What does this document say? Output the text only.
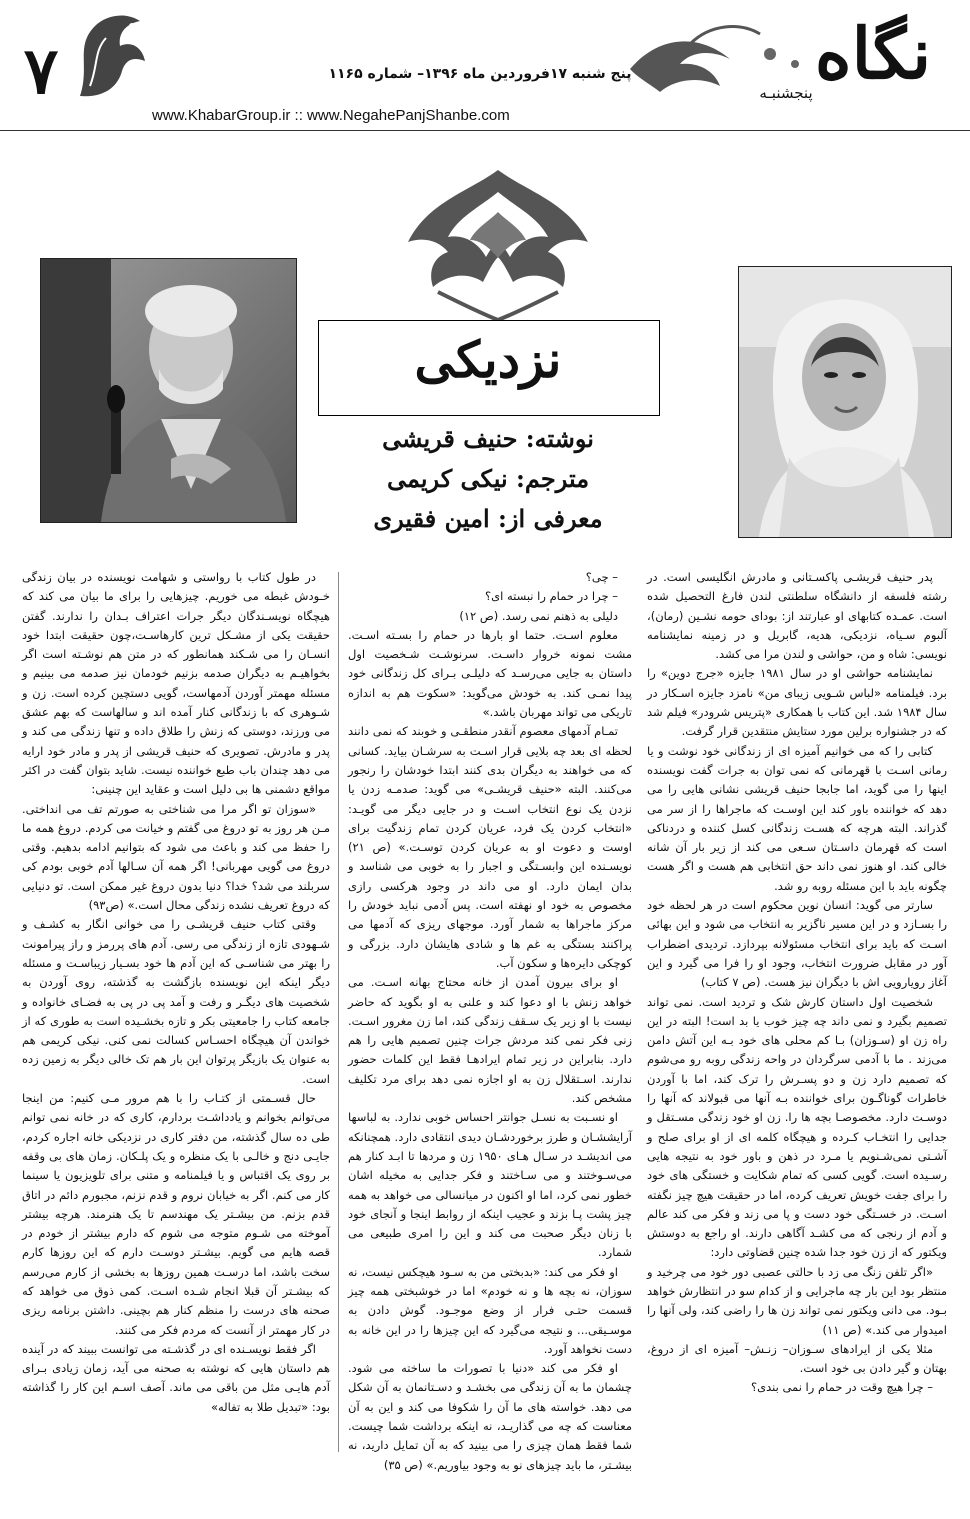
۷	پنج شنبه ۱۷فروردین ماه ۱۳۹۶– شماره ۱۱۶۵
www.KhabarGroup.ir :: www.NegahePanjShanbe.com
نگاه
پنجشنبـه
نزدیکی
نوشته: حنیف قریشی
مترجم: نیکی کریمی
معرفی از: امین فقیری

پدر حنیف قریشـی پاکسـتانی و مادرش انگلیسی است. در رشته فلسفه از دانشگاه سلطنتی لندن فارغ التحصیل شده است. عمـده کتابهای او عبارتند از: بودای حومه نشـین (رمان)، آلبوم سـیاه، نزدیکی، هدیه، گابریل و در زمینه نمایشنامه نویسی: شاه و من، حواشی و لندن مرا می کشد.

نمایشنامه حواشی او در سال ۱۹۸۱ جایزه «جرج دوین» را برد. فیلمنامه «لباس شـویی زیبای من» نامزد جایزه اسـکار در سال ۱۹۸۴ شد. این کتاب با همکاری «پتریس شرودر» فیلم شد که در جشنواره برلین مورد ستایش منتقدین قرار گرفت.

کتابی را که می خوانیم آمیزه ای از زندگانی خود نوشت و یا رمانی اسـت با قهرمانی که نمی توان به جرات گفت نویسنده اینها را می گوید، اما جابجا حنیف قریشی نشانی هایی را می دهد که خواننده باور کند این اوسـت که ماجراها را از سر می گذراند. البته هرچه که هسـت زندگانی کسل کننده و دردناکی است که قهرمان داسـتان سـعی می کند از زیر بار آن شانه خالی کند. او هنوز نمی داند حق انتخابی هم هست و اگر هست چگونه باید با این مسئله روبه رو شد.

سارتر می گوید: انسان نوین محکوم است در هر لحظه خود را بسـازد و در این مسیر ناگزیر به انتخاب می شود و این بهائی اسـت که باید برای انتخاب مسئولانه بپردازد. تردیدی اضطراب آور در مقابل ضرورت انتخاب، وجود او را فرا می گیرد و این آغاز رویارویی اش با دیگران نیز هست. (ص ۷ کتاب)

شخصیت اول داستان کارش شک و تردید است. نمی تواند تصمیم بگیرد و نمی داند چه چیز خوب یا بد است! البته در این راه زن او (سـوزان) بـا کم محلی های خود بـه این آتش دامن می‌زند . ما با آدمی سرگردان در واحه زندگی روبه رو می‌شوم که تصمیم دارد زن و دو پسـرش را ترک کند، اما با آوردن خاطرات گوناگـون برای خواننده بـه آنها می قبولاند که آنها را دوسـت دارد. مخصوصـا بچه ها را. زن او خود زندگی مسـتقل و جدایی را انتخـاب کـرده و هیچگاه کلمه ای از او برای صلح و آشـتی نمی‌شـنویم یا مـرد در ذهن و باور خود به نتیجه هایی رسـیده است. گویی کسی که تمام شکایت و خستگی های خود را برای جفت خویش تعریف کرده، اما در حقیقت هیچ چیز نگفته اسـت. در خسـتگی خود دست و پا می زند و فکر می کند عالم و آدم از رنجی که می کشـد آگاهی دارند. او راجع به دوستش ویکتور که از زن خود جدا شده چنین قضاوتی دارد:

«اگر تلفن زنگ می زد با حالتی عصبی دور خود می چرخید و منتظر بود این بار چه ماجرایی و از کدام سو در انتظارش خواهد بـود. می دانی ویکتور نمی تواند زن ها را راضی کند، ولی آنها را امیدوار می کند.» (ص ۱۱)

مثلا یکی از ایرادهای سـوزان– زنـش– آمیزه ای از دروغ، بهتان و گیر دادن بی خود است.

– چرا هیچ وقت در حمام را نمی بندی؟

– چی؟

– چرا در حمام را نبسته ای؟

دلیلی به ذهنم نمی رسد. (ص ۱۲)

معلوم اسـت. حتما او بارها در حمام را بسـته اسـت. مشت نمونه خروار داسـت. سرنوشـت شـخصیت اول داستان به جایی می‌رسـد که دلیلـی بـرای کل زندگانی خود پیدا نمـی کند. به خودش می‌گوید: «سکوت هم به اندازه تاریکی می تواند مهربان باشد.»

تمـام آدمهای معصوم آنقدر منطقـی و خوبند که نمی دانند لحظه ای بعد چه بلایی قرار اسـت به سرشـان بیاید. کسانی که می خواهند به دیگران بدی کنند ابتدا خودشان را رنجور می‌کنند. البته «حنیف قریشـی» می گوید: صدمـه زدن یا نزدن یک نوع انتخاب اسـت و در جایی دیگر می گویـد: «انتخاب کردن یک فرد، عریان کردن تمام زندگیت برای اوست و دعوت او به عریان کردن توسـت.» (ص ۲۱) نویسـنده این وابسـتگی و اجبار را به خوبی می شناسد و بدان ایمان دارد. او می داند در وجود هرکسی رازی مخصوص به خود او نهفته است. پس آدمی نباید خودش را مرکز ماجراها به شمار آورد. موجهای ریزی که آدمها می پراکنند بستگی به غم ها و شادی هایشان دارد. بزرگی و کوچکی دایره‌ها و سکون آب.

او برای بیرون آمدن از خانه محتاج بهانه اسـت. می خواهد زنش با او دعوا کند و علنی به او بگوید که حاضر نیست با او زیر یک سـقف زندگی کند، اما زن مغرور اسـت. زنی فکر نمی کند مردش جرات چنین تصمیم هایی را هم دارد. بنابراین در زیر تمام ایرادهـا فقط این کلمات حضور ندارند. اسـتقلال زن به او اجازه نمی دهد برای مرد تکلیف مشخص کند.

او نسـبت به نسـل جوانتر احساس خوبی ندارد. به لباسها آرایششـان و طرز برخوردشـان دیدی انتقادی دارد. همچنانکه می اندیشـد در سـال هـای ۱۹۵۰ زن و مردها تا ابـد کنار هم می‌سـوختند و می سـاختند و فکر جدایی به مخیله اشان خطور نمی کرد، اما او اکنون در میانسالی می خواهد به همه چیز پشت پـا بزند و عجیب اینکه از روابط اینجا و آنجای خود با زنان دیگر صحبت می کند و این را امری طبیعی می شمارد.

او فکر می کند: «بدبختی من به سـود هیچکس نیست، نه سوزان، نه بچه ها و نه خودم» اما در خوشبختی همه چیز قسمت حتـی فرار از وضع موجـود. گوش دادن به موسـیقی... و نتیجه می‌گیرد که این چیزها را در این خانه به دست نخواهد آورد.

او فکر می کند «دنیا با تصورات ما ساخته می شود. چشمان ما به آن زندگی می بخشـد و دسـتانمان به آن شکل می دهد. خواسته های ما آن را شکوفا می کند و این به آن معناست که چه می گذاریـد، نه اینکه برداشت شما چیست. شما فقط همان چیزی را می بینید که به آن تمایل دارید، نه بیشـتر، ما باید چیزهای نو به وجود بیاوریم.» (ص ۳۵)

در طول کتاب با رواستی و شهامت نویسنده در بیان زندگی خـودش غبطه می خوریم. چیزهایی را برای ما بیان می کند که هیچگاه نویسـندگان دیگر جرات اعتراف بـدان را ندارند. گفتن حقیقت یکی از مشـکل ترین کارهاسـت،چون حقیقت ابتدا خود انسـان را می شـکند همانطور که در متن هم نوشـته است اگر بخواهیـم به دیگران صدمه بزنیم خودمان نیز صدمه می بینیم و مسئله مهمتر آوردن آدمهاست، گویی دستچین کرده است. زن و شـوهری که با زندگانی کنار آمده اند و سالهاست که بهم عشق می ورزند، دوستی که زنش را طلاق داده و تنها زندگی می کند و پدر و مادرش. تصویری که حنیف قریشی از پدر و مادر خود ارایه می دهد چندان باب طبع خواننده نیست. شاید بتوان گفت در اکثر مواقع دشمنی ها بی دلیل است و عقاید این چنینی:

«سوزان تو اگر مرا می شناختی به صورتم تف می انداختی. مـن هر روز به تو دروغ می گفتم و خیانت می کردم. دروغ همه ما را حفظ می کند و باعث می شود که بتوانیم ادامه بدهیم. وقتی دروغ می گویی مهربانی! اگر همه آن سـالها آدم خوبی بودم کی سربلند می شد؟ خدا؟ دنیا بدون دروغ غیر ممکن است. تو دنیایی که دروغ تعریف نشده زندگی محال است.» (ص۹۳)

وقتی کتاب حنیف قریشـی را می خوانی انگار به کشـف و شـهودی تازه از زندگی می رسی. آدم های پررمز و راز پیرامونت را بهتر می شناسـی که این آدم ها خود بسـیار زیباسـت و مسئله دیگر اینکه این نویسنده بازگشت به گذشته، روی آوردن به شخصیت های دیگـر و رفت و آمد پی در پی به فضـای خانواده و جامعه کتاب را جامعیتی بکر و تازه بخشـیده است به طوری که از خواندن آن هیچگاه احسـاس کسالت نمی کنی. نیکی کریمی هم به عنوان یک بازیگر پرتوان این بار هم تک خالی دیگر به زمین زده است.

حال قسـمتی از کتـاب را با هم مرور مـی کنیم: من اینجا می‌توانم بخوانم و یادداشـت بردارم، کاری که در خانه نمی توانم طی ده سال گذشته، من دفتر کاری در نزدیکی خانه اجاره کردم، جایـی دنج و خالـی با یک منظره و یک پلـکان. زمان های بی وقفه بر روی یک اقتباس و یا فیلمنامه و متنی برای تلویزیون یا سینما کار می کنم. اگر به خیابان نروم و قدم نزنم، مجبورم دائم در اتاق قدم بزنم. من بیشـتر یک مهندسم تا یک هنرمند. هرچه بیشتر آموخته می شـوم متوجه می شوم که دارم بیشتر از خودم در قصه هایم می گویم. بیشـتر دوسـت دارم که این روزها کارم سخت باشد، اما درسـت همین روزها به بخشی از کارم می‌رسم که بیشـتر آن قبلا انجام شـده اسـت. کمی ذوق می خواهد که صحنه های درست را منظم کنار هم بچینی. داشتن برنامه ریزی در کار مهمتر از آنست که مردم فکر می کنند.

اگر فقط نویسـنده ای در گذشـته می توانست ببیند که در آینده هم داستان هایی که نوشته به صحنه می آید، زمان زیادی بـرای آدم هایـی مثل من باقی می ماند. آصف اسـم این کار را گذاشته بود: «تبدیل طلا به تفاله»
